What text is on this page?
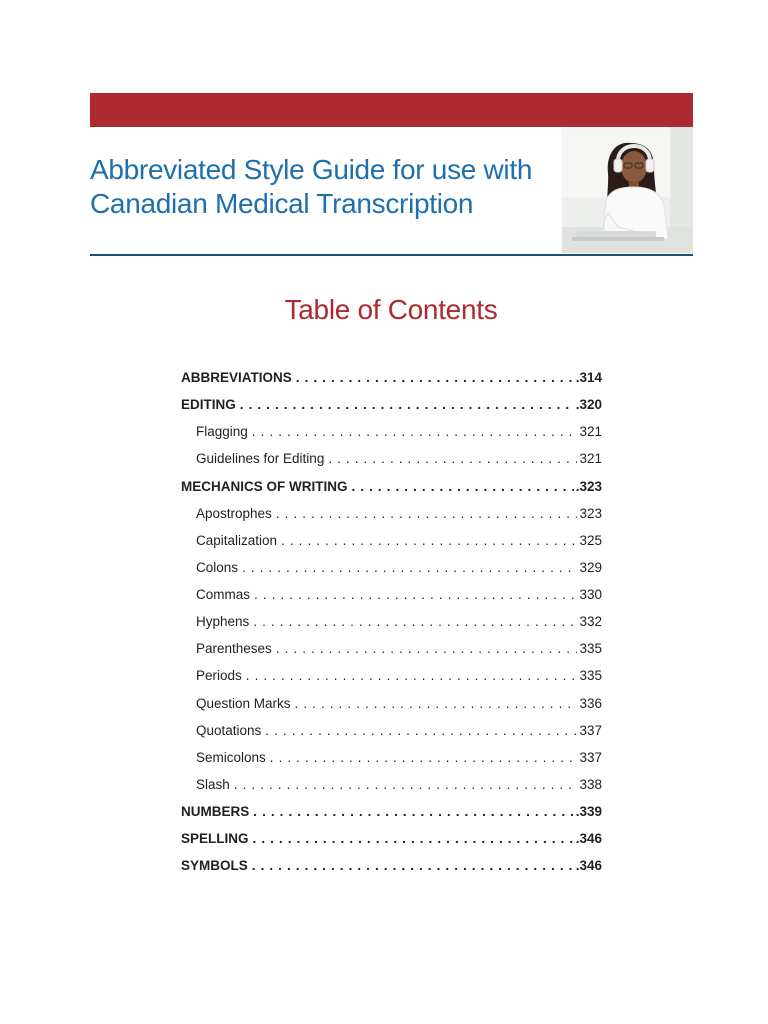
Abbreviated Style Guide for use with
Canadian Medical Transcription
Table of Contents
ABBREVIATIONS . . .	.314
EDITING . . .	.320
Flagging . . .	321
Guidelines for Editing . . .	321
MECHANICS OF WRITING . . .	.323
Apostrophes . . .	323
Capitalization . . .	325
Colons . . .	329
Commas . . .	330
Hyphens . . .	332
Parentheses . . .	335
Periods . . .	335
Question Marks . . .	336
Quotations . . .	337
Semicolons . . .	337
Slash . . .	338
NUMBERS . . .	.339
SPELLING . . .	.346
SYMBOLS . . .	.346
